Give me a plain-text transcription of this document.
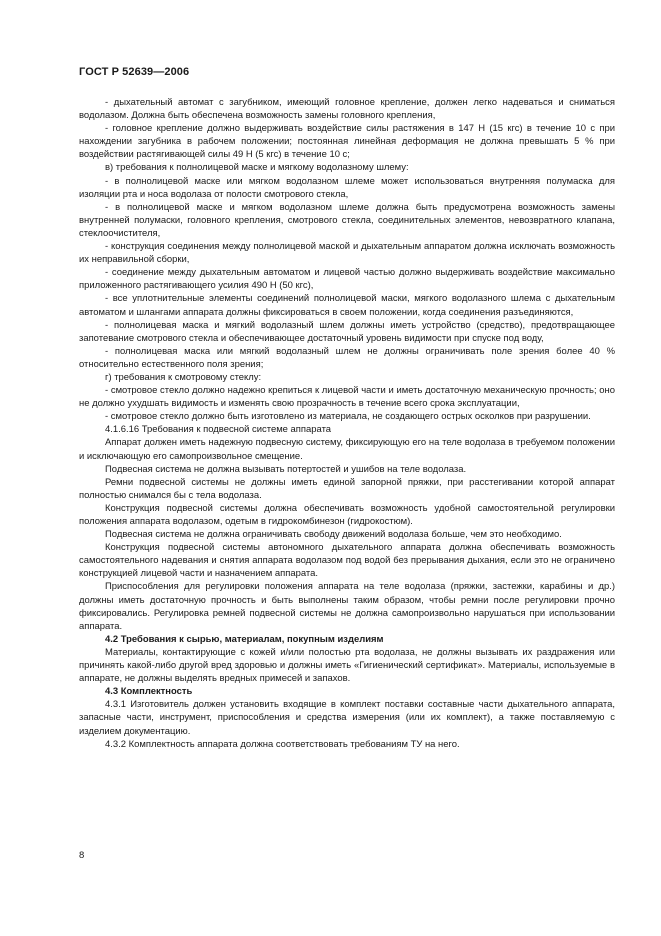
ГОСТ Р 52639—2006

- дыхательный автомат с загубником, имеющий головное крепление, должен легко надеваться и сниматься водолазом. Должна быть обеспечена возможность замены головного крепления,

- головное крепление должно выдерживать воздействие силы растяжения в 147 Н (15 кгс) в течение 10 с при нахождении загубника в рабочем положении; постоянная линейная деформация не должна превышать 5 % при воздействии растягивающей силы 49 Н (5 кгс) в течение 10 с;

в) требования к полнолицевой маске и мягкому водолазному шлему:

- в полнолицевой маске или мягком водолазном шлеме может использоваться внутренняя полумаска для изоляции рта и носа водолаза от полости смотрового стекла,

- в полнолицевой маске и мягком водолазном шлеме должна быть предусмотрена возможность замены внутренней полумаски, головного крепления, смотрового стекла, соединительных элементов, невозвратного клапана, стеклоочистителя,

- конструкция соединения между полнолицевой маской и дыхательным аппаратом должна исключать возможность их неправильной сборки,

- соединение между дыхательным автоматом и лицевой частью должно выдерживать воздействие максимально приложенного растягивающего усилия 490 Н (50 кгс),

- все уплотнительные элементы соединений полнолицевой маски, мягкого водолазного шлема с дыхательным автоматом и шлангами аппарата должны фиксироваться в своем положении, когда соединения разъединяются,

- полнолицевая маска и мягкий водолазный шлем должны иметь устройство (средство), предотвращающее запотевание смотрового стекла и обеспечивающее достаточный уровень видимости при спуске под воду,

- полнолицевая маска или мягкий водолазный шлем не должны ограничивать поле зрения более 40 % относительно естественного поля зрения;

г) требования к смотровому стеклу:

- смотровое стекло должно надежно крепиться к лицевой части и иметь достаточную механическую прочность; оно не должно ухудшать видимость и изменять свою прозрачность в течение всего срока эксплуатации,

- смотровое стекло должно быть изготовлено из материала, не создающего острых осколков при разрушении.

4.1.6.16 Требования к подвесной системе аппарата

Аппарат должен иметь надежную подвесную систему, фиксирующую его на теле водолаза в требуемом положении и исключающую его самопроизвольное смещение.

Подвесная система не должна вызывать потертостей и ушибов на теле водолаза.

Ремни подвесной системы не должны иметь единой запорной пряжки, при расстегивании которой аппарат полностью снимался бы с тела водолаза.

Конструкция подвесной системы должна обеспечивать возможность удобной самостоятельной регулировки положения аппарата водолазом, одетым в гидрокомбинезон (гидрокостюм).

Подвесная система не должна ограничивать свободу движений водолаза больше, чем это необходимо.

Конструкция подвесной системы автономного дыхательного аппарата должна обеспечивать возможность самостоятельного надевания и снятия аппарата водолазом под водой без прерывания дыхания, если это не ограничено конструкцией лицевой части и назначением аппарата.

Приспособления для регулировки положения аппарата на теле водолаза (пряжки, застежки, карабины и др.) должны иметь достаточную прочность и быть выполнены таким образом, чтобы ремни после регулировки прочно фиксировались. Регулировка ремней подвесной системы не должна самопроизвольно нарушаться при использовании аппарата.

4.2 Требования к сырью, материалам, покупным изделиям

Материалы, контактирующие с кожей и/или полостью рта водолаза, не должны вызывать их раздражения или причинять какой-либо другой вред здоровью и должны иметь «Гигиенический сертификат». Материалы, используемые в аппарате, не должны выделять вредных примесей и запахов.

4.3 Комплектность

4.3.1 Изготовитель должен установить входящие в комплект поставки составные части дыхательного аппарата, запасные части, инструмент, приспособления и средства измерения (или их комплект), а также поставляемую с изделием документацию.

4.3.2 Комплектность аппарата должна соответствовать требованиям ТУ на него.

8
